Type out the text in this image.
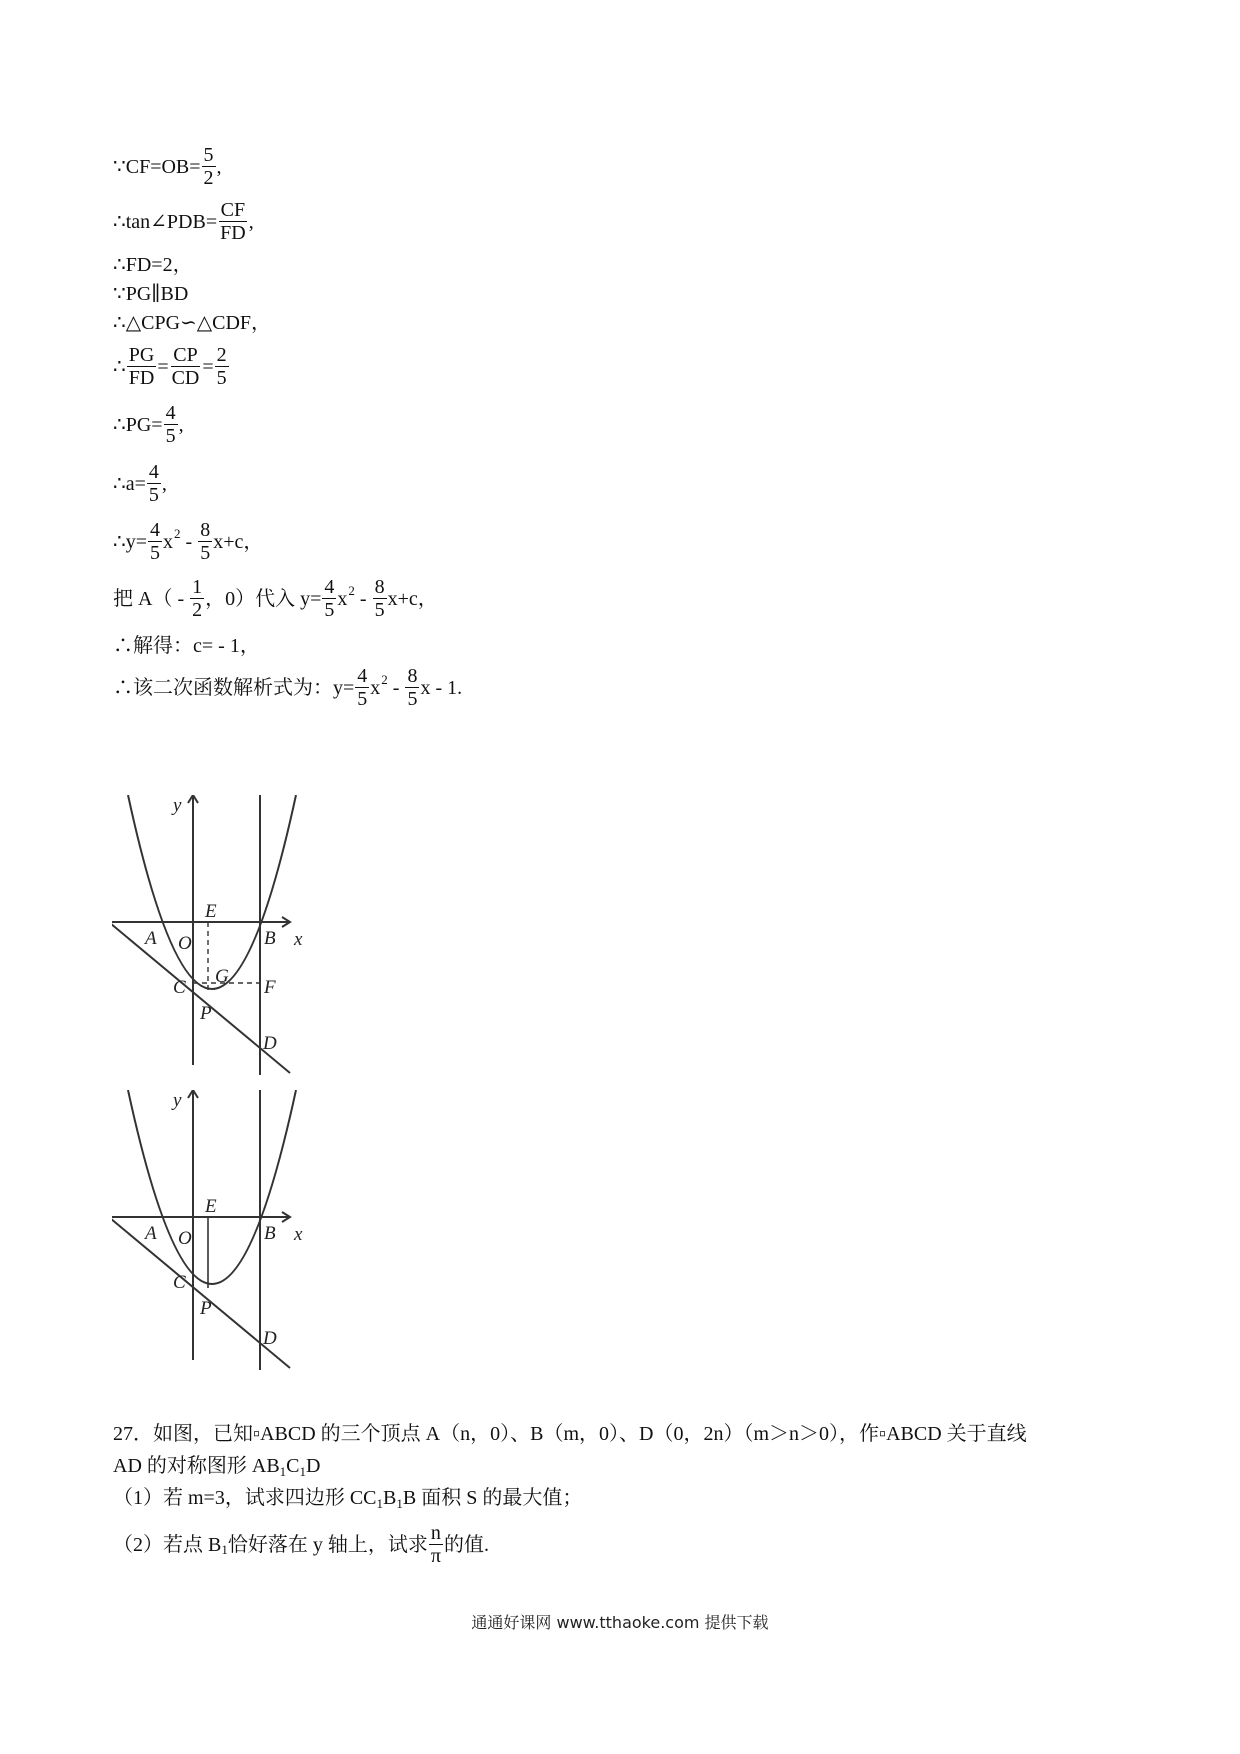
∵CF=OB= $\frac{5}{2}$ ,
∴tan∠PDB= $\frac{CF}{FD}$ ,
∴FD=2，
∵PG∥BD
∴△CPG∽△CDF，
∴ $\frac{PG}{FD} = \frac{CP}{CD} = \frac{2}{5}$
∴PG= $\frac{4}{5}$ ,
∴a= $\frac{4}{5}$ ,
∴y= $\frac{4}{5}$ x $2 - \frac{8}{5} x+c$，
把 $A( - \frac{1}{2}$ ，0）代入 $y= \frac{4}{5}$ x $2 - \frac{8}{5} x+c$，
∴解得：c= - 1，
∴该二次函数解析式为：$y= \frac{4}{5}$ x $2 - \frac{8}{5}$ x - 1.
y
x
E
B
A O
G
C	F
P
D
y
x
E
B
A O
C
P
D
27．如图，已知▫ABCD 的三个顶点 A（n，0）、B（m，0）、D（0，2n）（m＞n＞0），作▫ABCD 关于直线
AD 的对称图形 AB 1 C 1 D
（1）若 m=3，试求四边形 CC 1 B 1 B 面积 S 的最大值；
（2）若点 B 1 恰好落在 y 轴上，试求 $\frac{n}{\pi}$ 的值.
通通好课网 www.tthaoke.com 提供下载
